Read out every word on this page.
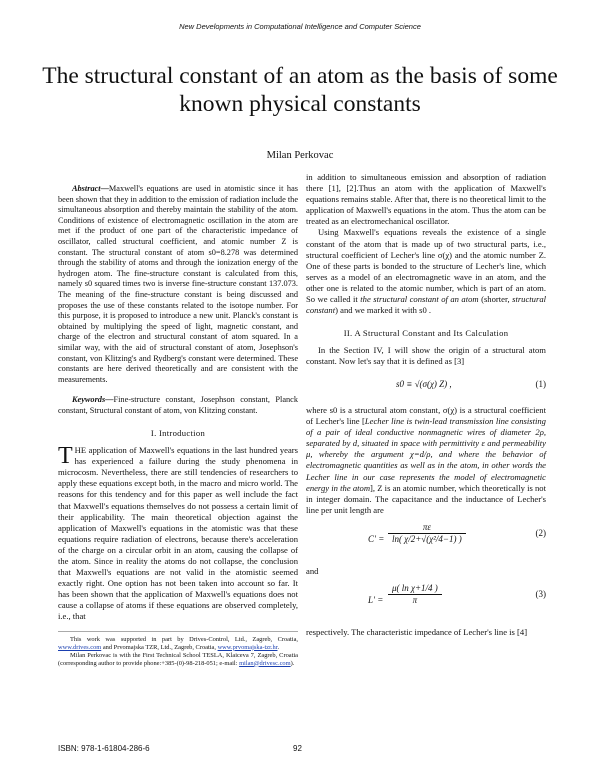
New Developments in Computational Intelligence and Computer Science
The structural constant of an atom as the basis of some known physical constants
Milan Perkovac

Abstract—Maxwell's equations are used in atomistic since it has been shown that they in addition to the emission of radiation include the simultaneous absorption and thereby maintain the stability of the atom. Conditions of existence of electromagnetic oscillation in the atom are met if the product of one part of the characteristic impedance of oscillator, called structural coefficient, and atomic number Z is constant. The structural constant of atom s0=8.278 was determined through the stability of atoms and through the ionization energy of the hydrogen atom. The fine-structure constant is calculated from this, namely s0 squared times two is inverse fine-structure constant 137.073. The meaning of the fine-structure constant is being discussed and proposes the use of these constants related to the isotope number. For this purpose, it is proposed to introduce a new unit. Planck's constant is obtained by multiplying the speed of light, magnetic constant, and charge of the electron and structural constant of atom squared. In a similar way, with the aid of structural constant of atom, Josephson's constant, von Klitzing's and Rydberg's constant were determined. These constants are here derived theoretically and are consistent with the measurements.

Keywords—Fine-structure constant, Josephson constant, Planck constant, Structural constant of atom, von Klitzing constant.

I. Introduction

THE application of Maxwell's equations in the last hundred years has experienced a failure during the study phenomena in microcosm. Nevertheless, there are still tendencies of researchers to apply these equations except both, in the macro and micro world. The reasons for this tendency and for this paper as well include the fact that Maxwell's equations themselves do not possess a certain limit of their applicability. The main theoretical objection against the application of Maxwell's equations in the atomistic was that these equations require radiation of electrons, because there's acceleration of the charge on a circular orbit in an atom, causing the collapse of the atom. Since in reality the atoms do not collapse, the conclusion that Maxwell's equations are not valid in the atomistic seemed exactly right. One option has not been taken into account so far. It has been shown that the application of Maxwell's equations does not cause a collapse of atoms if these equations are observed completely, i.e., that

This work was supported in part by Drives-Control, Ltd., Zagreb, Croatia, www.drives.com and Prvomajska TZR, Ltd., Zagreb, Croatia, www.prvomajska-tzr.hr.

Milan Perkovac is with the First Technical School TESLA, Klaiceva 7, Zagreb, Croatia (corresponding author to provide phone:+385-(0)-98-218-051; e-mail: milan@drivesc.com).

in addition to simultaneous emission and absorption of radiation there [1], [2].Thus an atom with the application of Maxwell's equations remains stable. After that, there is no theoretical limit to the application of Maxwell's equations in the atom. Thus the atom can be treated as an electromechanical oscillator.

Using Maxwell's equations reveals the existence of a single constant of the atom that is made up of two structural parts, i.e., structural coefficient of Lecher's line σ(χ) and the atomic number Z. One of these parts is bonded to the structure of Lecher's line, which serves as a model of an electromagnetic wave in an atom, and the other one is related to the atomic number, which is part of an atom. So we called it the structural constant of an atom (shorter, structural constant) and we marked it with s0 .

II. A Structural Constant and Its Calculation

In the Section IV, I will show the origin of a structural atom constant. Now let's say that it is defined as [3]

s0 ≡ √(σ(χ) Z) ,	(1)

where s0 is a structural atom constant, σ(χ) is a structural coefficient of Lecher's line [Lecher line is twin-lead transmission line consisting of a pair of ideal conductive nonmagnetic wires of diameter 2ρ, separated by d, situated in space with permittivity ε and permeability μ, whereby the argument χ=d/ρ, and where the behavior of electromagnetic quantities as well as in the atom, in other words the Lecher line in our case represents the model of electromagnetic energy in the atom], Z is an atomic number, which theoretically is not in integer domain. The capacitance and the inductance of Lecher's line per unit length are

C′ =
πε
ln( χ/2+√(χ²/4−1) )
(2)

and

L′ =
μ( ln χ+1/4 )
π
(3)

respectively. The characteristic impedance of Lecher's line is [4]

ISBN: 978-1-61804-286-6	92
